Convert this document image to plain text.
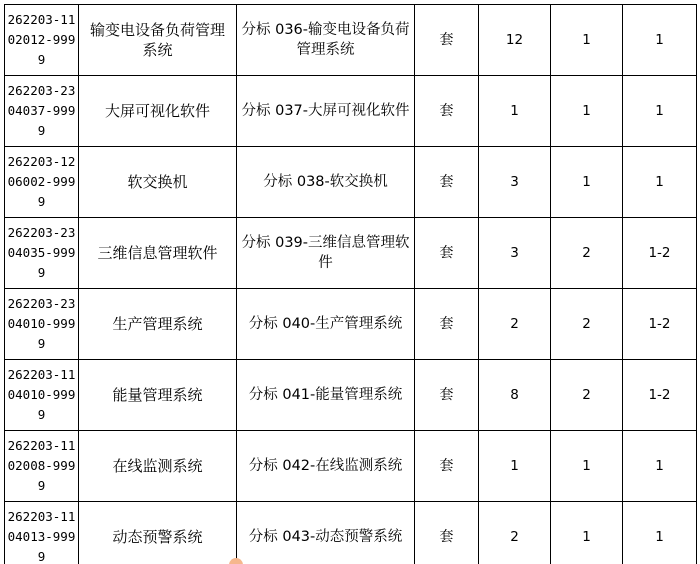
262203-1102012-9999	输变电设备负荷管理系统	分标 036-输变电设备负荷管理系统	套	12	1	1
262203-2304037-9999	大屏可视化软件	分标 037-大屏可视化软件	套	1	1	1
262203-1206002-9999	软交换机	分标 038-软交换机	套	3	1	1
262203-2304035-9999	三维信息管理软件	分标 039-三维信息管理软件	套	3	2	1-2
262203-2304010-9999	生产管理系统	分标 040-生产管理系统	套	2	2	1-2
262203-1104010-9999	能量管理系统	分标 041-能量管理系统	套	8	2	1-2
262203-1102008-9999	在线监测系统	分标 042-在线监测系统	套	1	1	1
262203-1104013-9999	动态预警系统	分标 043-动态预警系统	套	2	1	1
